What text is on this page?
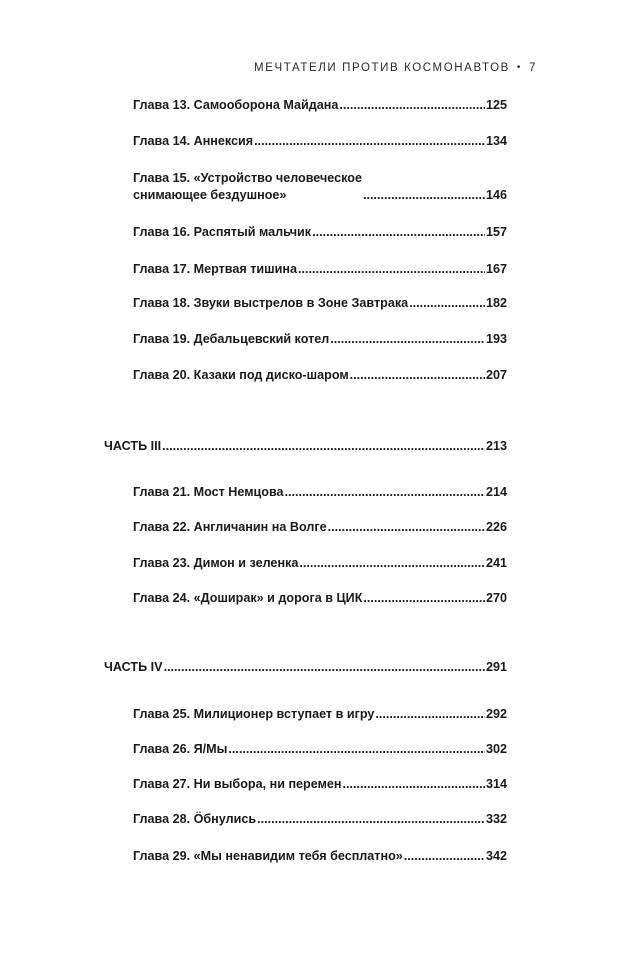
МЕЧТАТЕЛИ ПРОТИВ КОСМОНАВТОВ • 7
Глава 13. Самооборона Майдана .....	125
Глава 14. Аннексия .....	134
Глава 15. «Устройство человеческое
снимающее бездушное» .....	146
Глава 16. Распятый мальчик .....	157
Глава 17. Мертвая тишина .....	167
Глава 18. Звуки выстрелов в Зоне Завтрака .....	182
Глава 19. Дебальцевский котел .....	193
Глава 20. Казаки под диско-шаром .....	207
ЧАСТЬ III .....	213
Глава 21. Мост Немцова .....	214
Глава 22. Англичанин на Волге .....	226
Глава 23. Димон и зеленка .....	241
Глава 24. «Доширак» и дорога в ЦИК .....	270
ЧАСТЬ IV .....	291
Глава 25. Милиционер вступает в игру .....	292
Глава 26. Я/Мы .....	302
Глава 27. Ни выбора, ни перемен .....	314
Глава 28. Ӧбнулись .....	332
Глава 29. «Мы ненавидим тебя бесплатно» .....	342
